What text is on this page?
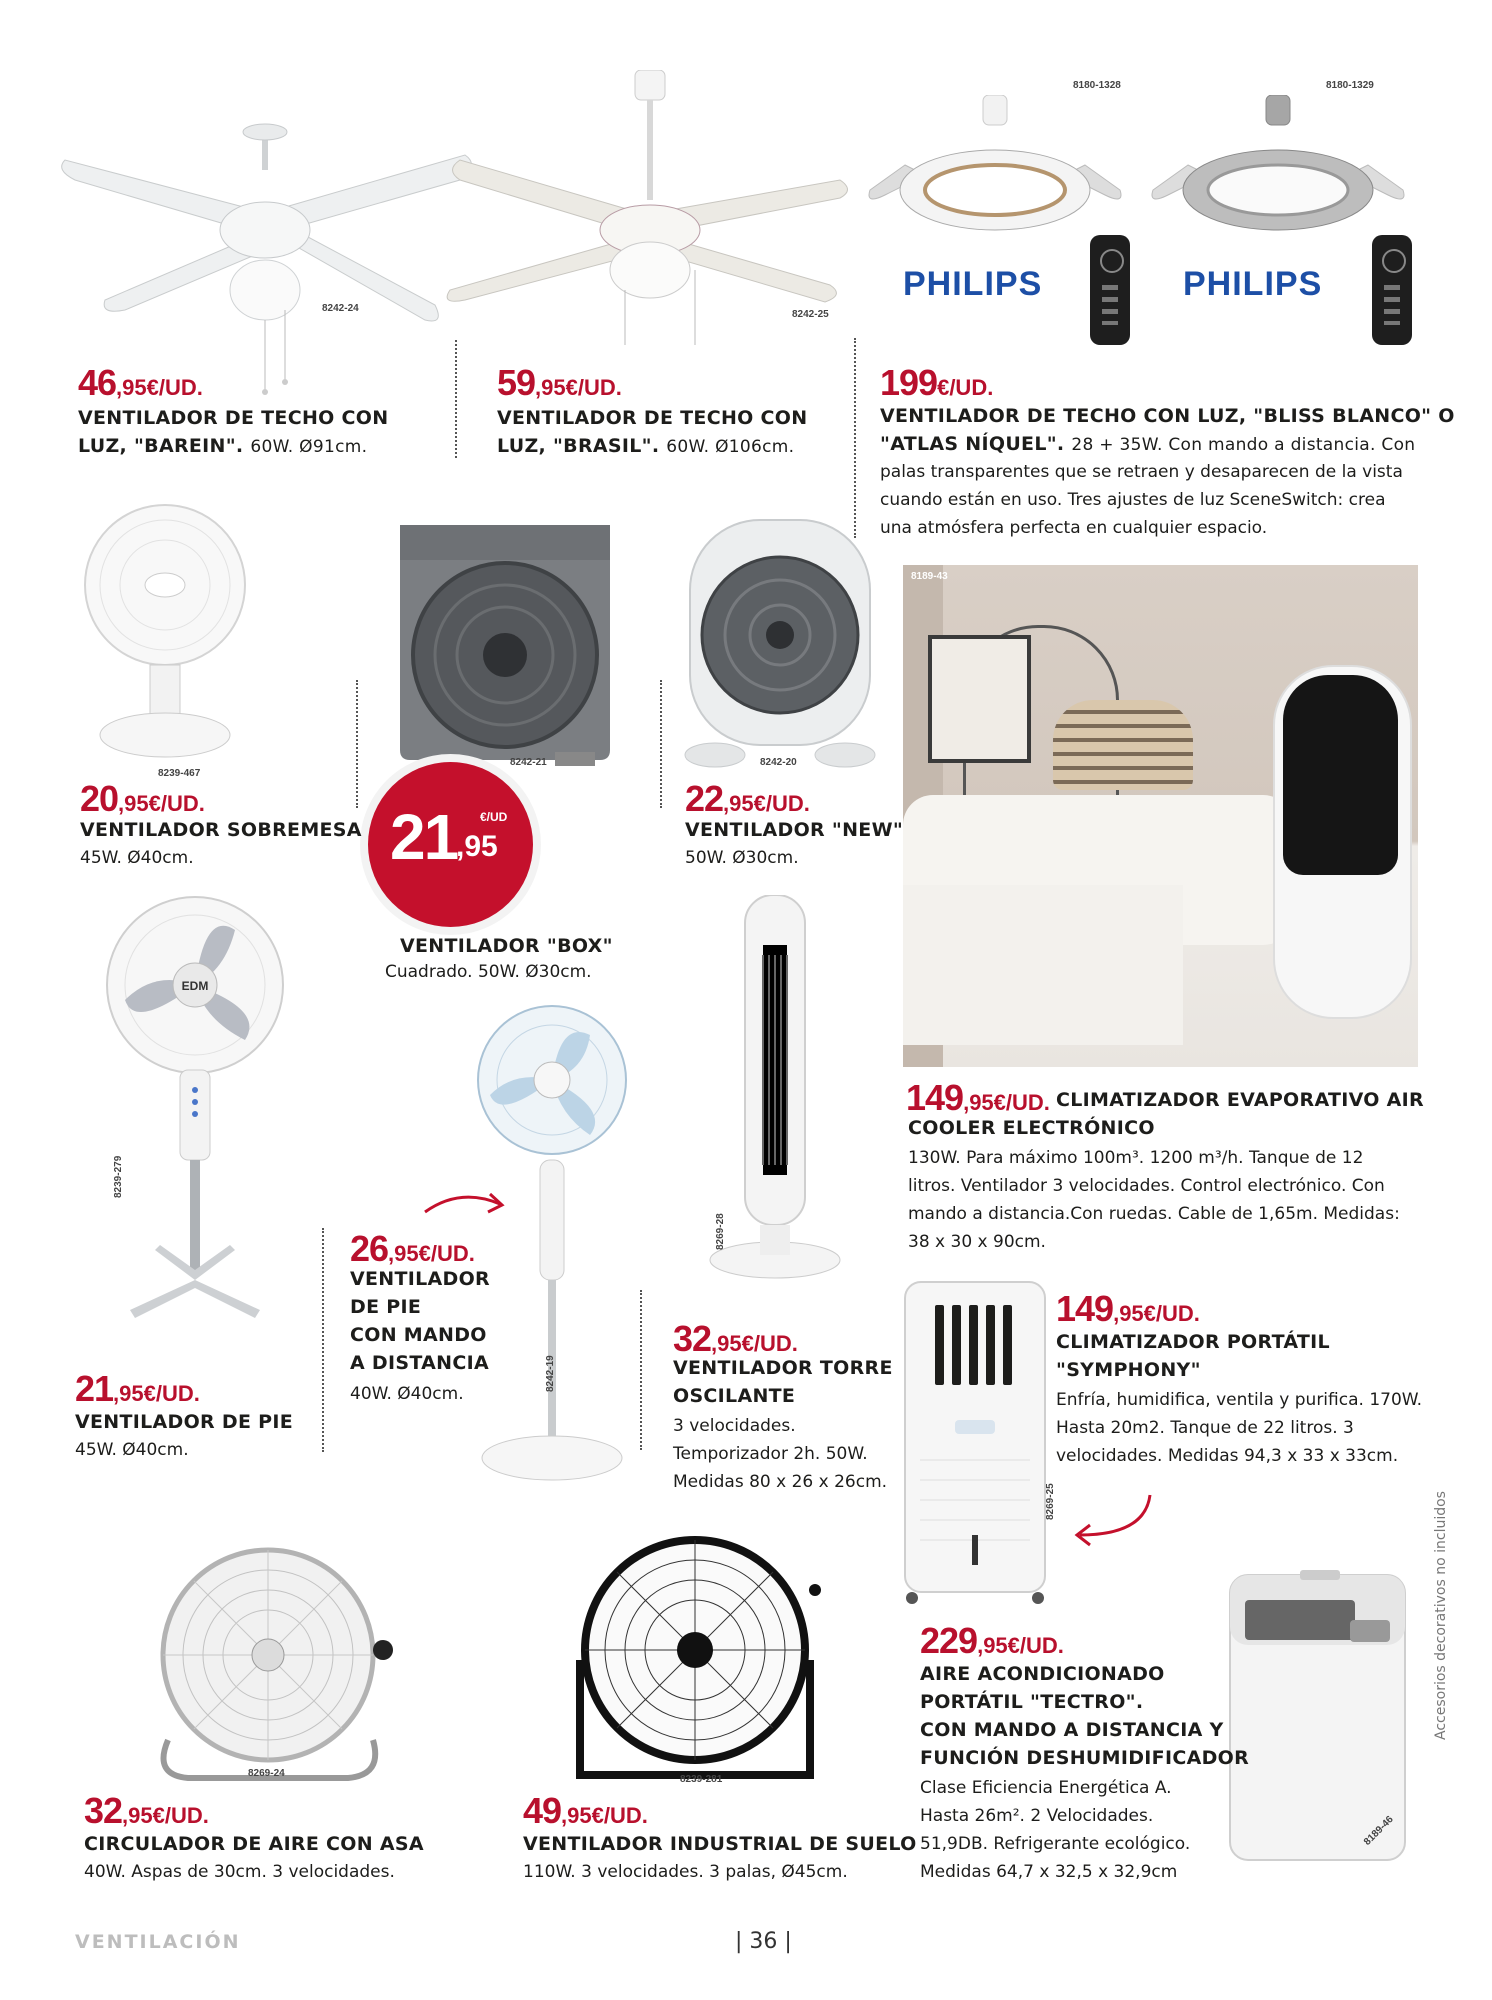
8242-24
8242-25
8180-1328	8180-1329
PHILIPS	PHILIPS
46,95€/UD.
VENTILADOR DE TECHO CON
LUZ, "BAREIN". 60W. Ø91cm.
59,95€/UD.
VENTILADOR DE TECHO CON
LUZ, "BRASIL". 60W. Ø106cm.
199€/UD.
VENTILADOR DE TECHO CON LUZ, "BLISS BLANCO" O
"ATLAS NÍQUEL". 28 + 35W. Con mando a distancia. Con
palas transparentes que se retraen y desaparecen de la vista
cuando están en uso. Tres ajustes de luz SceneSwitch: crea
una atmósfera perfecta en cualquier espacio.
8239-467
8242-21
21
,95
€/UD
VENTILADOR "BOX"
Cuadrado. 50W. Ø30cm.
8242-20
20,95€/UD.
VENTILADOR SOBREMESA
45W. Ø40cm.
22,95€/UD.
VENTILADOR "NEW"
50W. Ø30cm.
8189-43
EDM
8239-279
8242-19
8269-28
149,95€/UD. CLIMATIZADOR EVAPORATIVO AIR
COOLER ELECTRÓNICO
130W. Para máximo 100m³. 1200 m³/h. Tanque de 12
litros. Ventilador 3 velocidades. Control electrónico. Con
mando a distancia.Con ruedas. Cable de 1,65m. Medidas:
38 x 30 x 90cm.
26,95€/UD.
VENTILADOR
DE PIE
CON MANDO
A DISTANCIA
40W. Ø40cm.
32,95€/UD.
VENTILADOR TORRE
OSCILANTE
3 velocidades.
Temporizador 2h. 50W.
Medidas 80 x 26 x 26cm.
21,95€/UD.
VENTILADOR DE PIE
45W. Ø40cm.
8269-25
149,95€/UD.
CLIMATIZADOR PORTÁTIL
"SYMPHONY"
Enfría, humidifica, ventila y purifica. 170W.
Hasta 20m2. Tanque de 22 litros. 3
velocidades. Medidas 94,3 x 33 x 33cm.
Accesorios decorativos no incluidos
8269-24
8239-281
8189-46
229,95€/UD.
AIRE ACONDICIONADO
PORTÁTIL "TECTRO".
CON MANDO A DISTANCIA Y
FUNCIÓN DESHUMIDIFICADOR
Clase Eficiencia Energética A.
Hasta 26m². 2 Velocidades.
51,9DB. Refrigerante ecológico.
Medidas 64,7 x 32,5 x 32,9cm
32,95€/UD.
CIRCULADOR DE AIRE CON ASA
40W. Aspas de 30cm. 3 velocidades.
49,95€/UD.
VENTILADOR INDUSTRIAL DE SUELO
110W. 3 velocidades. 3 palas, Ø45cm.
VENTILACIÓN	| 36 |
